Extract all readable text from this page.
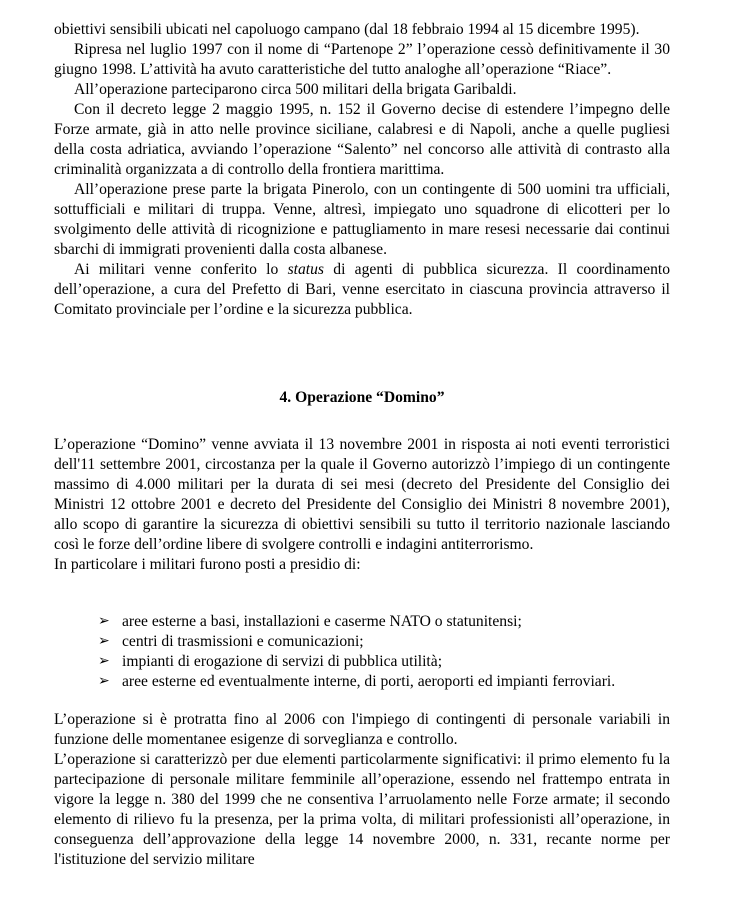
obiettivi sensibili ubicati nel capoluogo campano (dal 18 febbraio 1994 al 15 dicembre 1995).

Ripresa nel luglio 1997 con il nome di “Partenope 2” l’operazione cessò definitivamente il 30 giugno 1998. L’attività ha avuto caratteristiche del tutto analoghe all’operazione “Riace”.

All’operazione parteciparono circa 500 militari della brigata Garibaldi.

Con il decreto legge 2 maggio 1995, n. 152 il Governo decise di estendere l’impegno delle Forze armate, già in atto nelle province siciliane, calabresi e di Napoli, anche a quelle pugliesi della costa adriatica, avviando l’operazione “Salento” nel concorso alle attività di contrasto alla criminalità organizzata a di controllo della frontiera marittima.

All’operazione prese parte la brigata Pinerolo, con un contingente di 500 uomini tra ufficiali, sottufficiali e militari di truppa. Venne, altresì, impiegato uno squadrone di elicotteri per lo svolgimento delle attività di ricognizione e pattugliamento in mare resesi necessarie dai continui sbarchi di immigrati provenienti dalla costa albanese.

Ai militari venne conferito lo status di agenti di pubblica sicurezza. Il coordinamento dell’operazione, a cura del Prefetto di Bari, venne esercitato in ciascuna provincia attraverso il Comitato provinciale per l’ordine e la sicurezza pubblica.

4. Operazione “Domino”

L’operazione “Domino” venne avviata il 13 novembre 2001 in risposta ai noti eventi terroristici dell'11 settembre 2001, circostanza per la quale il Governo autorizzò l’impiego di un contingente massimo di 4.000 militari per la durata di sei mesi (decreto del Presidente del Consiglio dei Ministri 12 ottobre 2001 e decreto del Presidente del Consiglio dei Ministri 8 novembre 2001), allo scopo di garantire la sicurezza di obiettivi sensibili su tutto il territorio nazionale lasciando così le forze dell’ordine libere di svolgere controlli e indagini antiterrorismo.

In particolare i militari furono posti a presidio di:

➢ aree esterne a basi, installazioni e caserme NATO o statunitensi;
➢ centri di trasmissioni e comunicazioni;
➢ impianti di erogazione di servizi di pubblica utilità;
➢ aree esterne ed eventualmente interne, di porti, aeroporti ed impianti ferroviari.

L’operazione si è protratta fino al 2006 con l'impiego di contingenti di personale variabili in funzione delle momentanee esigenze di sorveglianza e controllo.

L’operazione si caratterizzò per due elementi particolarmente significativi: il primo elemento fu la partecipazione di personale militare femminile all’operazione, essendo nel frattempo entrata in vigore la legge n. 380 del 1999 che ne consentiva l’arruolamento nelle Forze armate; il secondo elemento di rilievo fu la presenza, per la prima volta, di militari professionisti all’operazione, in conseguenza dell’approvazione della legge 14 novembre 2000, n. 331, recante norme per l'istituzione del servizio militare
